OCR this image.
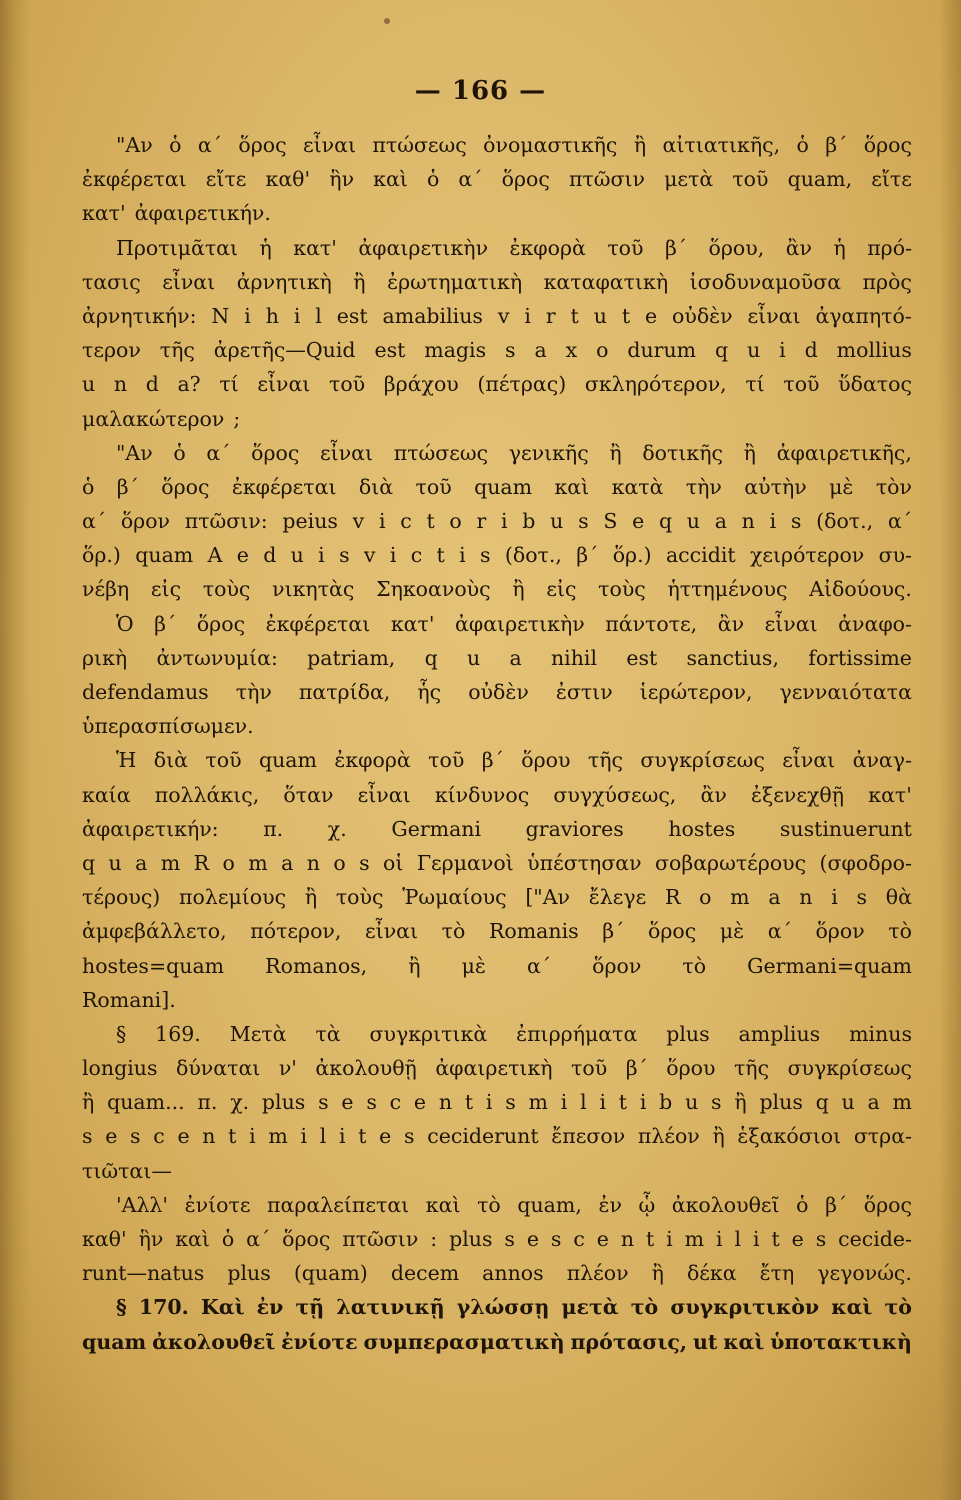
— 166 —
"Αν ὁ α΄ ὅρος εἶναι πτώσεως ὀνομαστικῆς ἢ αἰτιατικῆς, ὁ β΄ ὅρος
ἐκφέρεται εἴτε καθ' ἣν καὶ ὁ α΄ ὅρος πτῶσιν μετὰ τοῦ quam, εἴτε
κατ' ἀφαιρετικήν.
Προτιμᾶται ἡ κατ' ἀφαιρετικὴν ἐκφορὰ τοῦ β΄ ὅρου, ἂν ἡ πρό-
τασις εἶναι ἀρνητικὴ ἢ ἐρωτηματικὴ καταφατικὴ ἰσοδυναμοῦσα πρὸς
ἀρνητικήν: N i h i l est amabilius v i r t u t e οὐδὲν εἶναι ἀγαπητό-
τερον τῆς ἀρετῆς—Quid est magis s a x o durum q u i d mollius
u n d a? τί εἶναι τοῦ βράχου (πέτρας) σκληρότερον, τί τοῦ ὕδατος
μαλακώτερον ;
"Αν ὁ α΄ ὅρος εἶναι πτώσεως γενικῆς ἢ δοτικῆς ἢ ἀφαιρετικῆς,
ὁ β΄ ὅρος ἐκφέρεται διὰ τοῦ quam καὶ κατὰ τὴν αὐτὴν μὲ τὸν
α΄ ὅρον πτῶσιν: peius v i c t o r i b u s S e q u a n i s (δοτ., α΄
ὅρ.) quam A e d u i s v i c t i s (δοτ., β΄ ὅρ.) accidit χειρότερον συ-
νέβη εἰς τοὺς νικητὰς Σηκοανοὺς ἢ εἰς τοὺς ἡττημένους Αἰδούους.
Ὁ β΄ ὅρος ἐκφέρεται κατ' ἀφαιρετικὴν πάντοτε, ἂν εἶναι ἀναφο-
ρικὴ ἀντωνυμία: patriam, q u a nihil est sanctius, fortissime
defendamus τὴν πατρίδα, ἧς οὐδὲν ἐστιν ἱερώτερον, γενναιότατα
ὑπερασπίσωμεν.
Ἡ διὰ τοῦ quam ἐκφορὰ τοῦ β΄ ὅρου τῆς συγκρίσεως εἶναι ἀναγ-
καία πολλάκις, ὅταν εἶναι κίνδυνος συγχύσεως, ἂν ἐξενεχθῇ κατ'
ἀφαιρετικήν: π. χ. Germani graviores hostes sustinuerunt
q u a m R o m a n o s οἱ Γερμανοὶ ὑπέστησαν σοβαρωτέρους (σφοδρο-
τέρους) πολεμίους ἢ τοὺς Ῥωμαίους ["Αν ἔλεγε R o m a n i s θὰ
ἀμφεβάλλετο, πότερον, εἶναι τὸ Romanis β΄ ὅρος μὲ α΄ ὅρον τὸ
hostes=quam Romanos, ἢ μὲ α΄ ὅρον τὸ Germani=quam
Romani].
§ 169. Μετὰ τὰ συγκριτικὰ ἐπιρρήματα plus amplius minus
longius δύναται ν' ἀκολουθῇ ἀφαιρετικὴ τοῦ β΄ ὅρου τῆς συγκρίσεως
ἢ quam... π. χ. plus s e s c e n t i s m i l i t i b u s ἢ plus q u a m
s e s c e n t i m i l i t e s ceciderunt ἔπεσον πλέον ἢ ἑξακόσιοι στρα-
τιῶται—
'Αλλ' ἐνίοτε παραλείπεται καὶ τὸ quam, ἐν ᾧ ἀκολουθεῖ ὁ β΄ ὅρος
καθ' ἣν καὶ ὁ α΄ ὅρος πτῶσιν : plus s e s c e n t i m i l i t e s cecide-
runt—natus plus (quam) decem annos πλέον ἢ δέκα ἔτη γεγονώς.
§ 170. Καὶ ἐν τῇ λατινικῇ γλώσσῃ μετὰ τὸ συγκριτικὸν καὶ τὸ
quam ἀκολουθεῖ ἐνίοτε συμπερασματικὴ πρότασις, ut καὶ ὑποτακτικὴ
